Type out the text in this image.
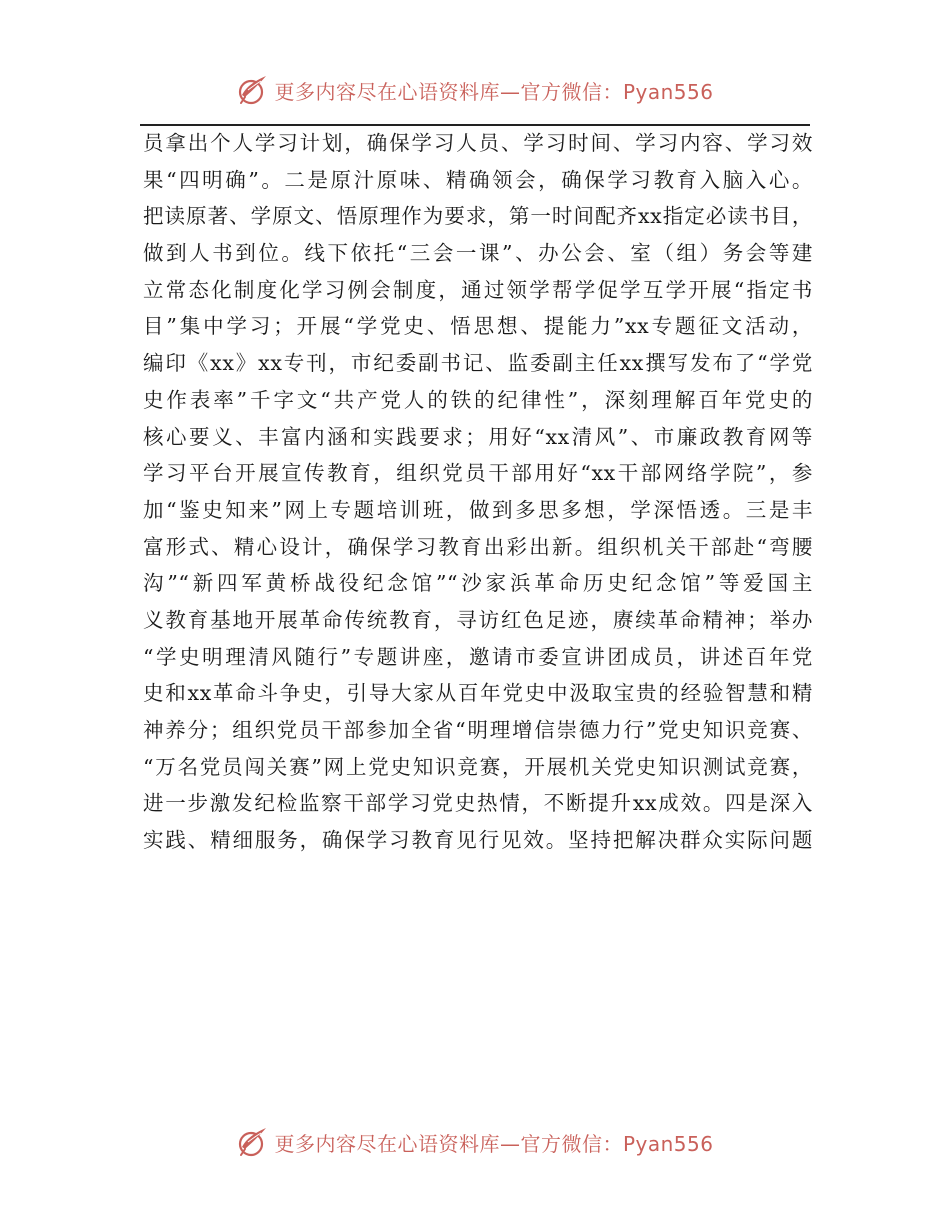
更多内容尽在心语资料库—官方微信：Pyan556
员拿出个人学习计划，确保学习人员、学习时间、学习内容、学习效
果“四明确”。二是原汁原味、精确领会，确保学习教育入脑入心。
把读原著、学原文、悟原理作为要求，第一时间配齐xx指定必读书目，
做到人书到位。线下依托“三会一课”、办公会、室（组）务会等建
立常态化制度化学习例会制度，通过领学帮学促学互学开展“指定书
目”集中学习；开展“学党史、悟思想、提能力”xx专题征文活动，
编印《xx》xx专刊，市纪委副书记、监委副主任xx撰写发布了“学党
史作表率”千字文“共产党人的铁的纪律性”，深刻理解百年党史的
核心要义、丰富内涵和实践要求；用好“xx清风”、市廉政教育网等
学习平台开展宣传教育，组织党员干部用好“xx干部网络学院”，参
加“鉴史知来”网上专题培训班，做到多思多想，学深悟透。三是丰
富形式、精心设计，确保学习教育出彩出新。组织机关干部赴“弯腰
沟”“新四军黄桥战役纪念馆”“沙家浜革命历史纪念馆”等爱国主
义教育基地开展革命传统教育，寻访红色足迹，赓续革命精神；举办
“学史明理清风随行”专题讲座，邀请市委宣讲团成员，讲述百年党
史和xx革命斗争史，引导大家从百年党史中汲取宝贵的经验智慧和精
神养分；组织党员干部参加全省“明理增信崇德力行”党史知识竞赛、
“万名党员闯关赛”网上党史知识竞赛，开展机关党史知识测试竞赛，
进一步激发纪检监察干部学习党史热情，不断提升xx成效。四是深入
实践、精细服务，确保学习教育见行见效。坚持把解决群众实际问题
更多内容尽在心语资料库—官方微信：Pyan556
